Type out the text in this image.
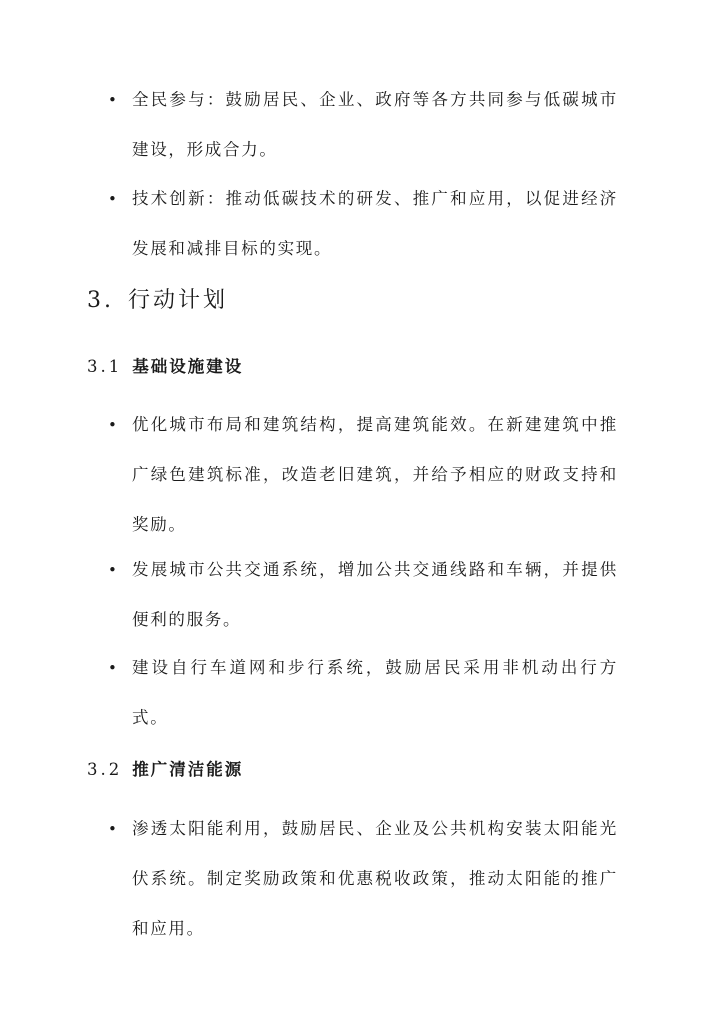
• 全民参与：鼓励居民、企业、政府等各方共同参与低碳城市建设，形成合力。
• 技术创新：推动低碳技术的研发、推广和应用，以促进经济发展和减排目标的实现。
3. 行动计划
3.1 基础设施建设
• 优化城市布局和建筑结构，提高建筑能效。在新建建筑中推广绿色建筑标准，改造老旧建筑，并给予相应的财政支持和奖励。
• 发展城市公共交通系统，增加公共交通线路和车辆，并提供便利的服务。
• 建设自行车道网和步行系统，鼓励居民采用非机动出行方式。
3.2 推广清洁能源
• 渗透太阳能利用，鼓励居民、企业及公共机构安装太阳能光伏系统。制定奖励政策和优惠税收政策，推动太阳能的推广和应用。
